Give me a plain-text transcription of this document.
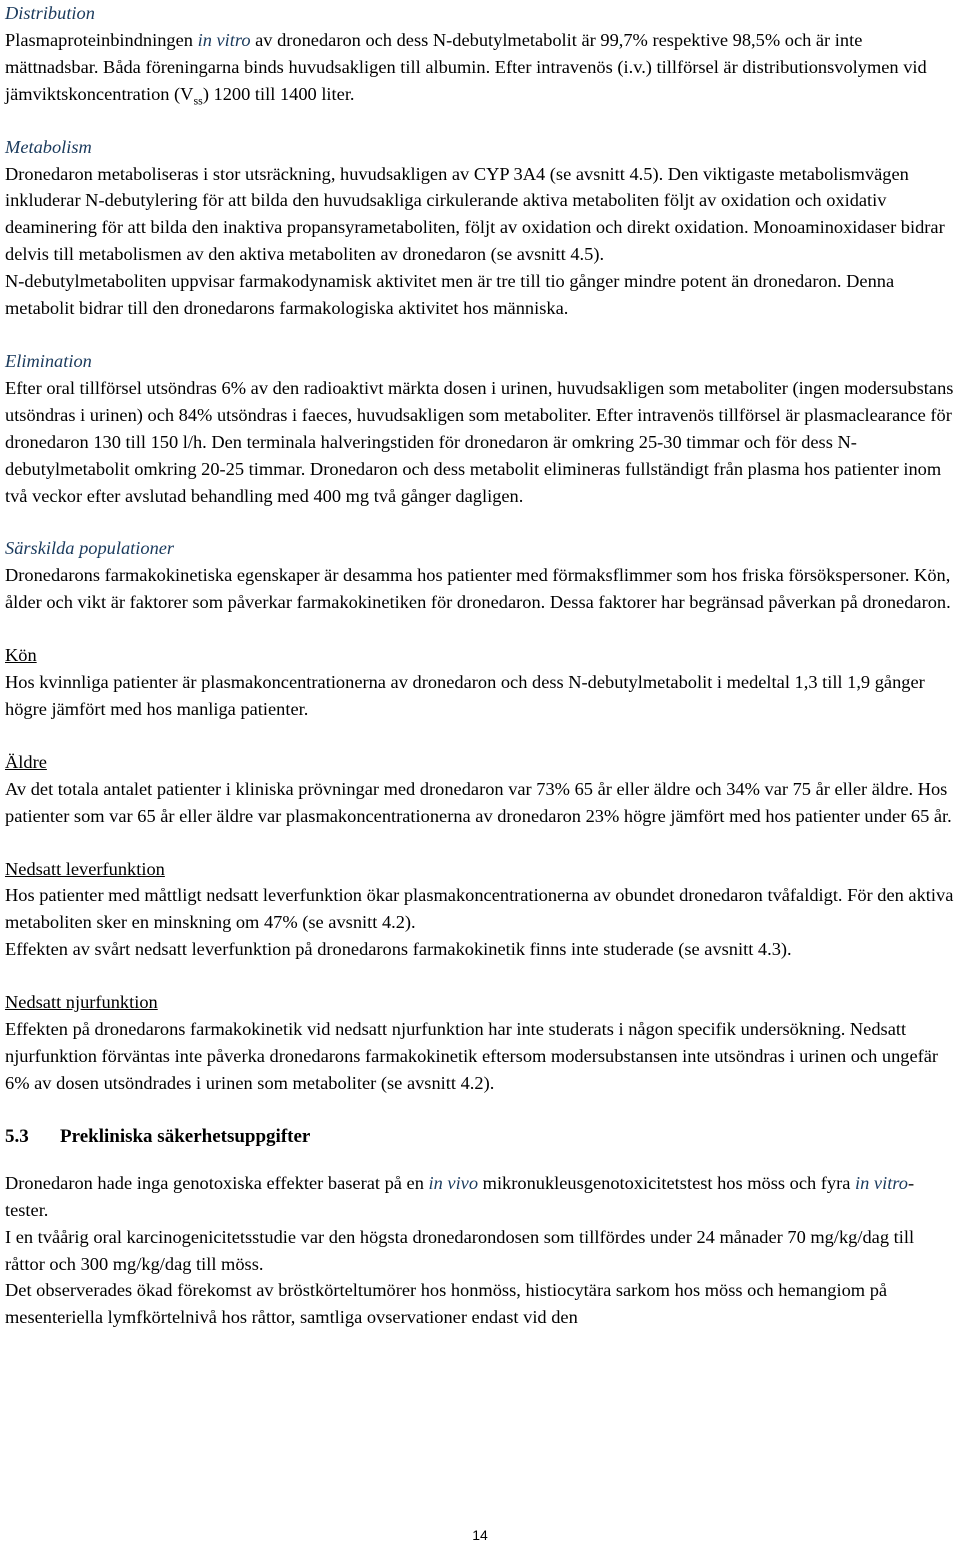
Distribution

Plasmaproteinbindningen in vitro av dronedaron och dess N-debutylmetabolit är 99,7% respektive 98,5% och är inte mättnadsbar. Båda föreningarna binds huvudsakligen till albumin. Efter intravenös (i.v.) tillförsel är distributionsvolymen vid jämviktskoncentration $(V_{ss})$ 1200 till 1400 liter.

Metabolism

Dronedaron metaboliseras i stor utsräckning, huvudsakligen av CYP 3A4 (se avsnitt 4.5). Den viktigaste metabolismvägen inkluderar N-debutylering för att bilda den huvudsakliga cirkulerande aktiva metaboliten följt av oxidation och oxidativ deaminering för att bilda den inaktiva propansyrametaboliten, följt av oxidation och direkt oxidation. Monoaminoxidaser bidrar delvis till metabolismen av den aktiva metaboliten av dronedaron (se avsnitt 4.5).

N-debutylmetaboliten uppvisar farmakodynamisk aktivitet men är tre till tio gånger mindre potent än dronedaron. Denna metabolit bidrar till den dronedarons farmakologiska aktivitet hos människa.

Elimination

Efter oral tillförsel utsöndras 6% av den radioaktivt märkta dosen i urinen, huvudsakligen som metaboliter (ingen modersubstans utsöndras i urinen) och 84% utsöndras i faeces, huvudsakligen som metaboliter. Efter intravenös tillförsel är plasmaclearance för dronedaron 130 till 150 l/h. Den terminala halveringstiden för dronedaron är omkring 25-30 timmar och för dess N-debutylmetabolit omkring 20-25 timmar. Dronedaron och dess metabolit elimineras fullständigt från plasma hos patienter inom två veckor efter avslutad behandling med 400 mg två gånger dagligen.

Särskilda populationer

Dronedarons farmakokinetiska egenskaper är desamma hos patienter med förmaksflimmer som hos friska försökspersoner. Kön, ålder och vikt är faktorer som påverkar farmakokinetiken för dronedaron. Dessa faktorer har begränsad påverkan på dronedaron.

Kön

Hos kvinnliga patienter är plasmakoncentrationerna av dronedaron och dess N-debutylmetabolit i medeltal 1,3 till 1,9 gånger högre jämfört med hos manliga patienter.

Äldre

Av det totala antalet patienter i kliniska prövningar med dronedaron var 73% 65 år eller äldre och 34% var 75 år eller äldre. Hos patienter som var 65 år eller äldre var plasmakoncentrationerna av dronedaron 23% högre jämfört med hos patienter under 65 år.

Nedsatt leverfunktion

Hos patienter med måttligt nedsatt leverfunktion ökar plasmakoncentrationerna av obundet dronedaron tvåfaldigt. För den aktiva metaboliten sker en minskning om 47% (se avsnitt 4.2).

Effekten av svårt nedsatt leverfunktion på dronedarons farmakokinetik finns inte studerade (se avsnitt 4.3).

Nedsatt njurfunktion

Effekten på dronedarons farmakokinetik vid nedsatt njurfunktion har inte studerats i någon specifik undersökning. Nedsatt njurfunktion förväntas inte påverka dronedarons farmakokinetik eftersom modersubstansen inte utsöndras i urinen och ungefär 6% av dosen utsöndrades i urinen som metaboliter (se avsnitt 4.2).

5.3 Prekliniska säkerhetsuppgifter

Dronedaron hade inga genotoxiska effekter baserat på en in vivo mikronukleusgenotoxicitetstest hos möss och fyra in vitro-tester.

I en tvåårig oral karcinogenicitetsstudie var den högsta dronedarondosen som tillfördes under 24 månader 70 mg/kg/dag till råttor och 300 mg/kg/dag till möss.

Det observerades ökad förekomst av bröstkörteltumörer hos honmöss, histiocytära sarkom hos möss och hemangiom på mesenteriella lymfkörtelnivå hos råttor, samtliga ovservationer endast vid den

14
